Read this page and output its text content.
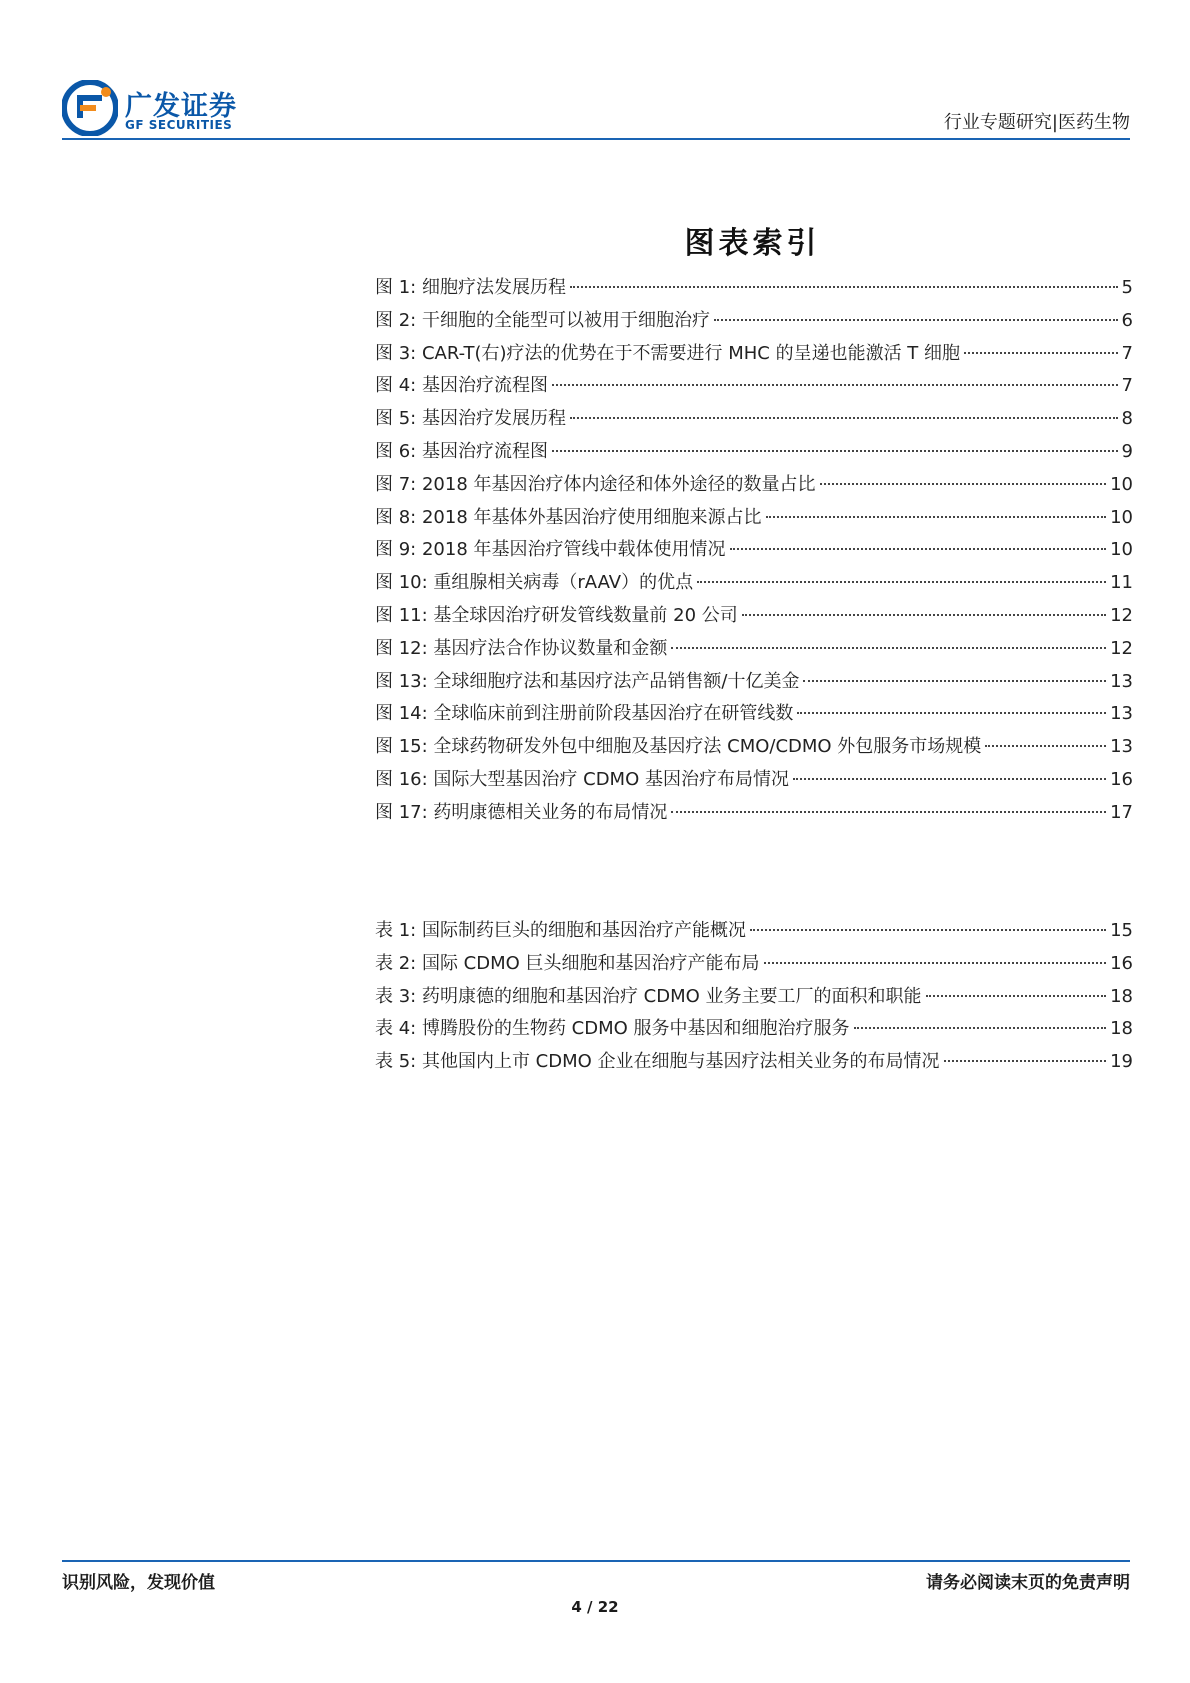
广发证券
GF SECURITIES	行业专题研究|医药生物
图表索引
图 1: 细胞疗法发展历程	5
图 2: 干细胞的全能型可以被用于细胞治疗	6
图 3: CAR-T(右)疗法的优势在于不需要进行 MHC 的呈递也能激活 T 细胞	7
图 4: 基因治疗流程图	7
图 5: 基因治疗发展历程	8
图 6: 基因治疗流程图	9
图 7: 2018 年基因治疗体内途径和体外途径的数量占比	10
图 8: 2018 年基体外基因治疗使用细胞来源占比	10
图 9: 2018 年基因治疗管线中载体使用情况	10
图 10: 重组腺相关病毒（rAAV）的优点	11
图 11: 基全球因治疗研发管线数量前 20 公司	12
图 12: 基因疗法合作协议数量和金额	12
图 13: 全球细胞疗法和基因疗法产品销售额/十亿美金	13
图 14: 全球临床前到注册前阶段基因治疗在研管线数	13
图 15: 全球药物研发外包中细胞及基因疗法 CMO/CDMO 外包服务市场规模	13
图 16: 国际大型基因治疗 CDMO 基因治疗布局情况	16
图 17: 药明康德相关业务的布局情况	17
表 1: 国际制药巨头的细胞和基因治疗产能概况	15
表 2: 国际 CDMO 巨头细胞和基因治疗产能布局	16
表 3: 药明康德的细胞和基因治疗 CDMO 业务主要工厂的面积和职能	18
表 4: 博腾股份的生物药 CDMO 服务中基因和细胞治疗服务	18
表 5: 其他国内上市 CDMO 企业在细胞与基因疗法相关业务的布局情况	19
识别风险，发现价值	请务必阅读末页的免责声明
4 / 22
